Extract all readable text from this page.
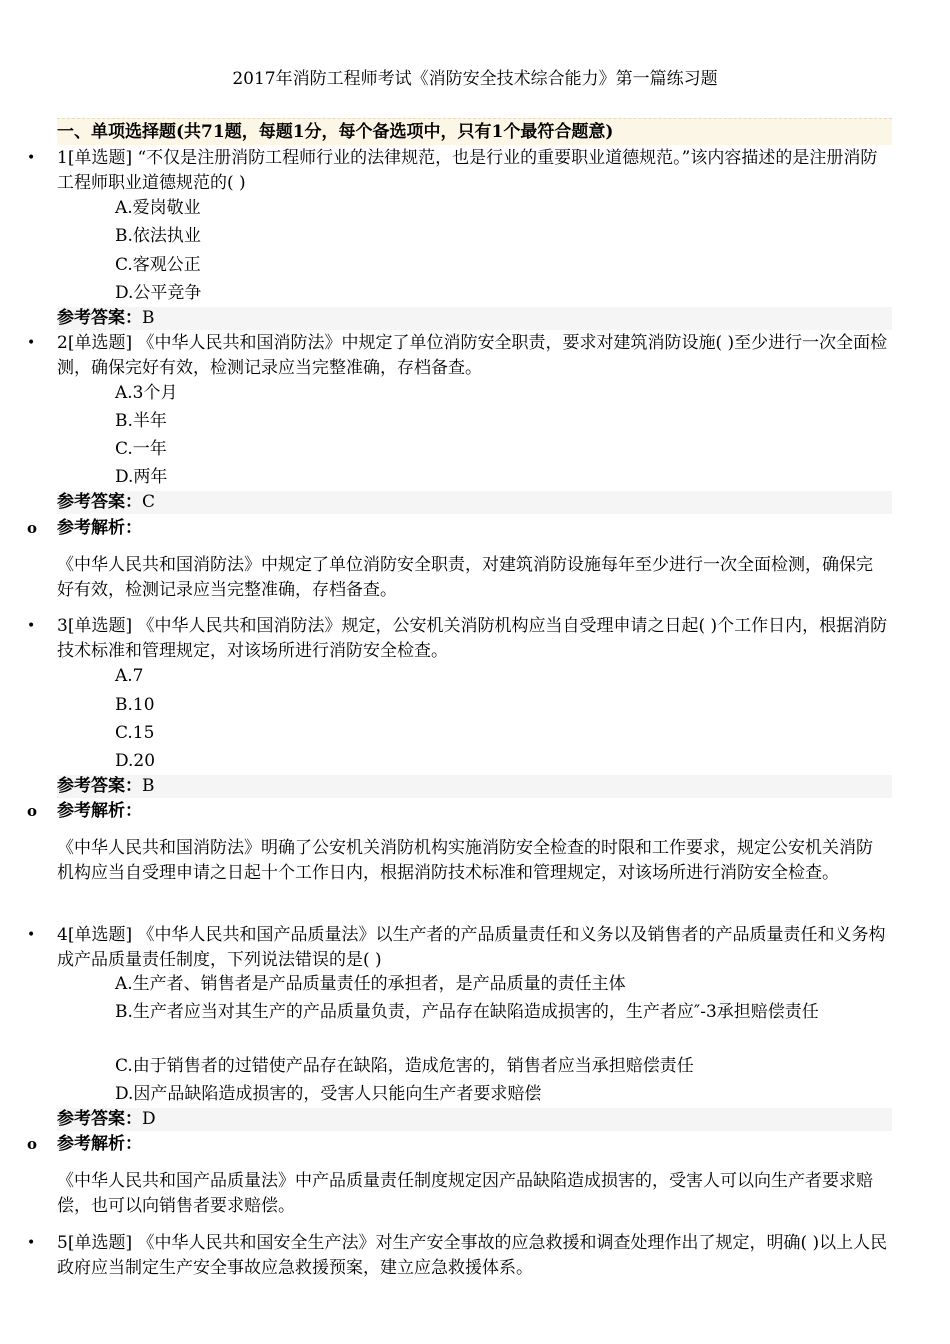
2017年消防工程师考试《消防安全技术综合能力》第一篇练习题
一、单项选择题(共71题，每题1分，每个备选项中，只有1个最符合题意)
• 1[单选题] “不仅是注册消防工程师行业的法律规范，也是行业的重要职业道德规范。”该内容描述的是注册消防工程师职业道德规范的( )
A.爱岗敬业
B.依法执业
C.客观公正
D.公平竞争
参考答案：B
• 2[单选题] 《中华人民共和国消防法》中规定了单位消防安全职责，要求对建筑消防设施( )至少进行一次全面检测，确保完好有效，检测记录应当完整准确，存档备查。
A.3个月
B.半年
C.一年
D.两年
参考答案：C
o 参考解析：
《中华人民共和国消防法》中规定了单位消防安全职责，对建筑消防设施每年至少进行一次全面检测，确保完好有效，检测记录应当完整准确，存档备查。
• 3[单选题] 《中华人民共和国消防法》规定，公安机关消防机构应当自受理申请之日起( )个工作日内，根据消防技术标准和管理规定，对该场所进行消防安全检查。
A.7
B.10
C.15
D.20
参考答案：B
o 参考解析：
《中华人民共和国消防法》明确了公安机关消防机构实施消防安全检查的时限和工作要求，规定公安机关消防机构应当自受理申请之日起十个工作日内，根据消防技术标准和管理规定，对该场所进行消防安全检查。
• 4[单选题] 《中华人民共和国产品质量法》以生产者的产品质量责任和义务以及销售者的产品质量责任和义务构成产品质量责任制度，下列说法错误的是( )
A.生产者、销售者是产品质量责任的承担者，是产品质量的责任主体
B.生产者应当对其生产的产品质量负责，产品存在缺陷造成损害的，生产者应″-3承担赔偿责任
C.由于销售者的过错使产品存在缺陷，造成危害的，销售者应当承担赔偿责任
D.因产品缺陷造成损害的，受害人只能向生产者要求赔偿
参考答案：D
o 参考解析：
《中华人民共和国产品质量法》中产品质量责任制度规定因产品缺陷造成损害的，受害人可以向生产者要求赔偿，也可以向销售者要求赔偿。
• 5[单选题] 《中华人民共和国安全生产法》对生产安全事故的应急救援和调查处理作出了规定，明确( )以上人民政府应当制定生产安全事故应急救援预案，建立应急救援体系。
